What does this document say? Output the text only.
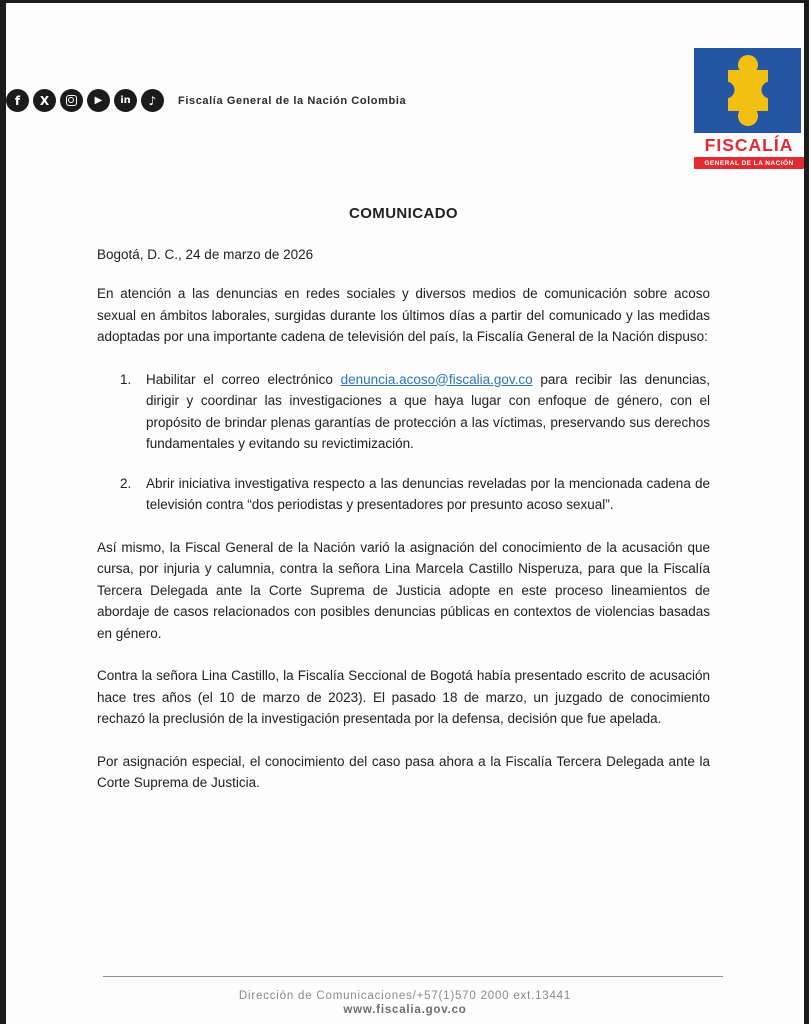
f	X	▶	in	♪	Fiscalía General de la Nación Colombia
FISCALÍA
GENERAL DE LA NACIÓN
COMUNICADO
Bogotá, D. C., 24 de marzo de 2026

En atención a las denuncias en redes sociales y diversos medios de comunicación sobre acoso sexual en ámbitos laborales, surgidas durante los últimos días a partir del comunicado y las medidas adoptadas por una importante cadena de televisión del país, la Fiscalía General de la Nación dispuso:

1.	Habilitar el correo electrónico denuncia.acoso@fiscalia.gov.co para recibir las denuncias, dirigir y coordinar las investigaciones a que haya lugar con enfoque de género, con el propósito de brindar plenas garantías de protección a las víctimas, preservando sus derechos fundamentales y evitando su revictimización.
2.	Abrir iniciativa investigativa respecto a las denuncias reveladas por la mencionada cadena de televisión contra “dos periodistas y presentadores por presunto acoso sexual”.

Así mismo, la Fiscal General de la Nación varió la asignación del conocimiento de la acusación que cursa, por injuria y calumnia, contra la señora Lina Marcela Castillo Nisperuza, para que la Fiscalía Tercera Delegada ante la Corte Suprema de Justicia adopte en este proceso lineamientos de abordaje de casos relacionados con posibles denuncias públicas en contextos de violencias basadas en género.

Contra la señora Lina Castillo, la Fiscalía Seccional de Bogotá había presentado escrito de acusación hace tres años (el 10 de marzo de 2023). El pasado 18 de marzo, un juzgado de conocimiento rechazó la preclusión de la investigación presentada por la defensa, decisión que fue apelada.

Por asignación especial, el conocimiento del caso pasa ahora a la Fiscalía Tercera Delegada ante la Corte Suprema de Justicia.

Dirección de Comunicaciones/+57(1)570 2000 ext.13441
www.fiscalia.gov.co
